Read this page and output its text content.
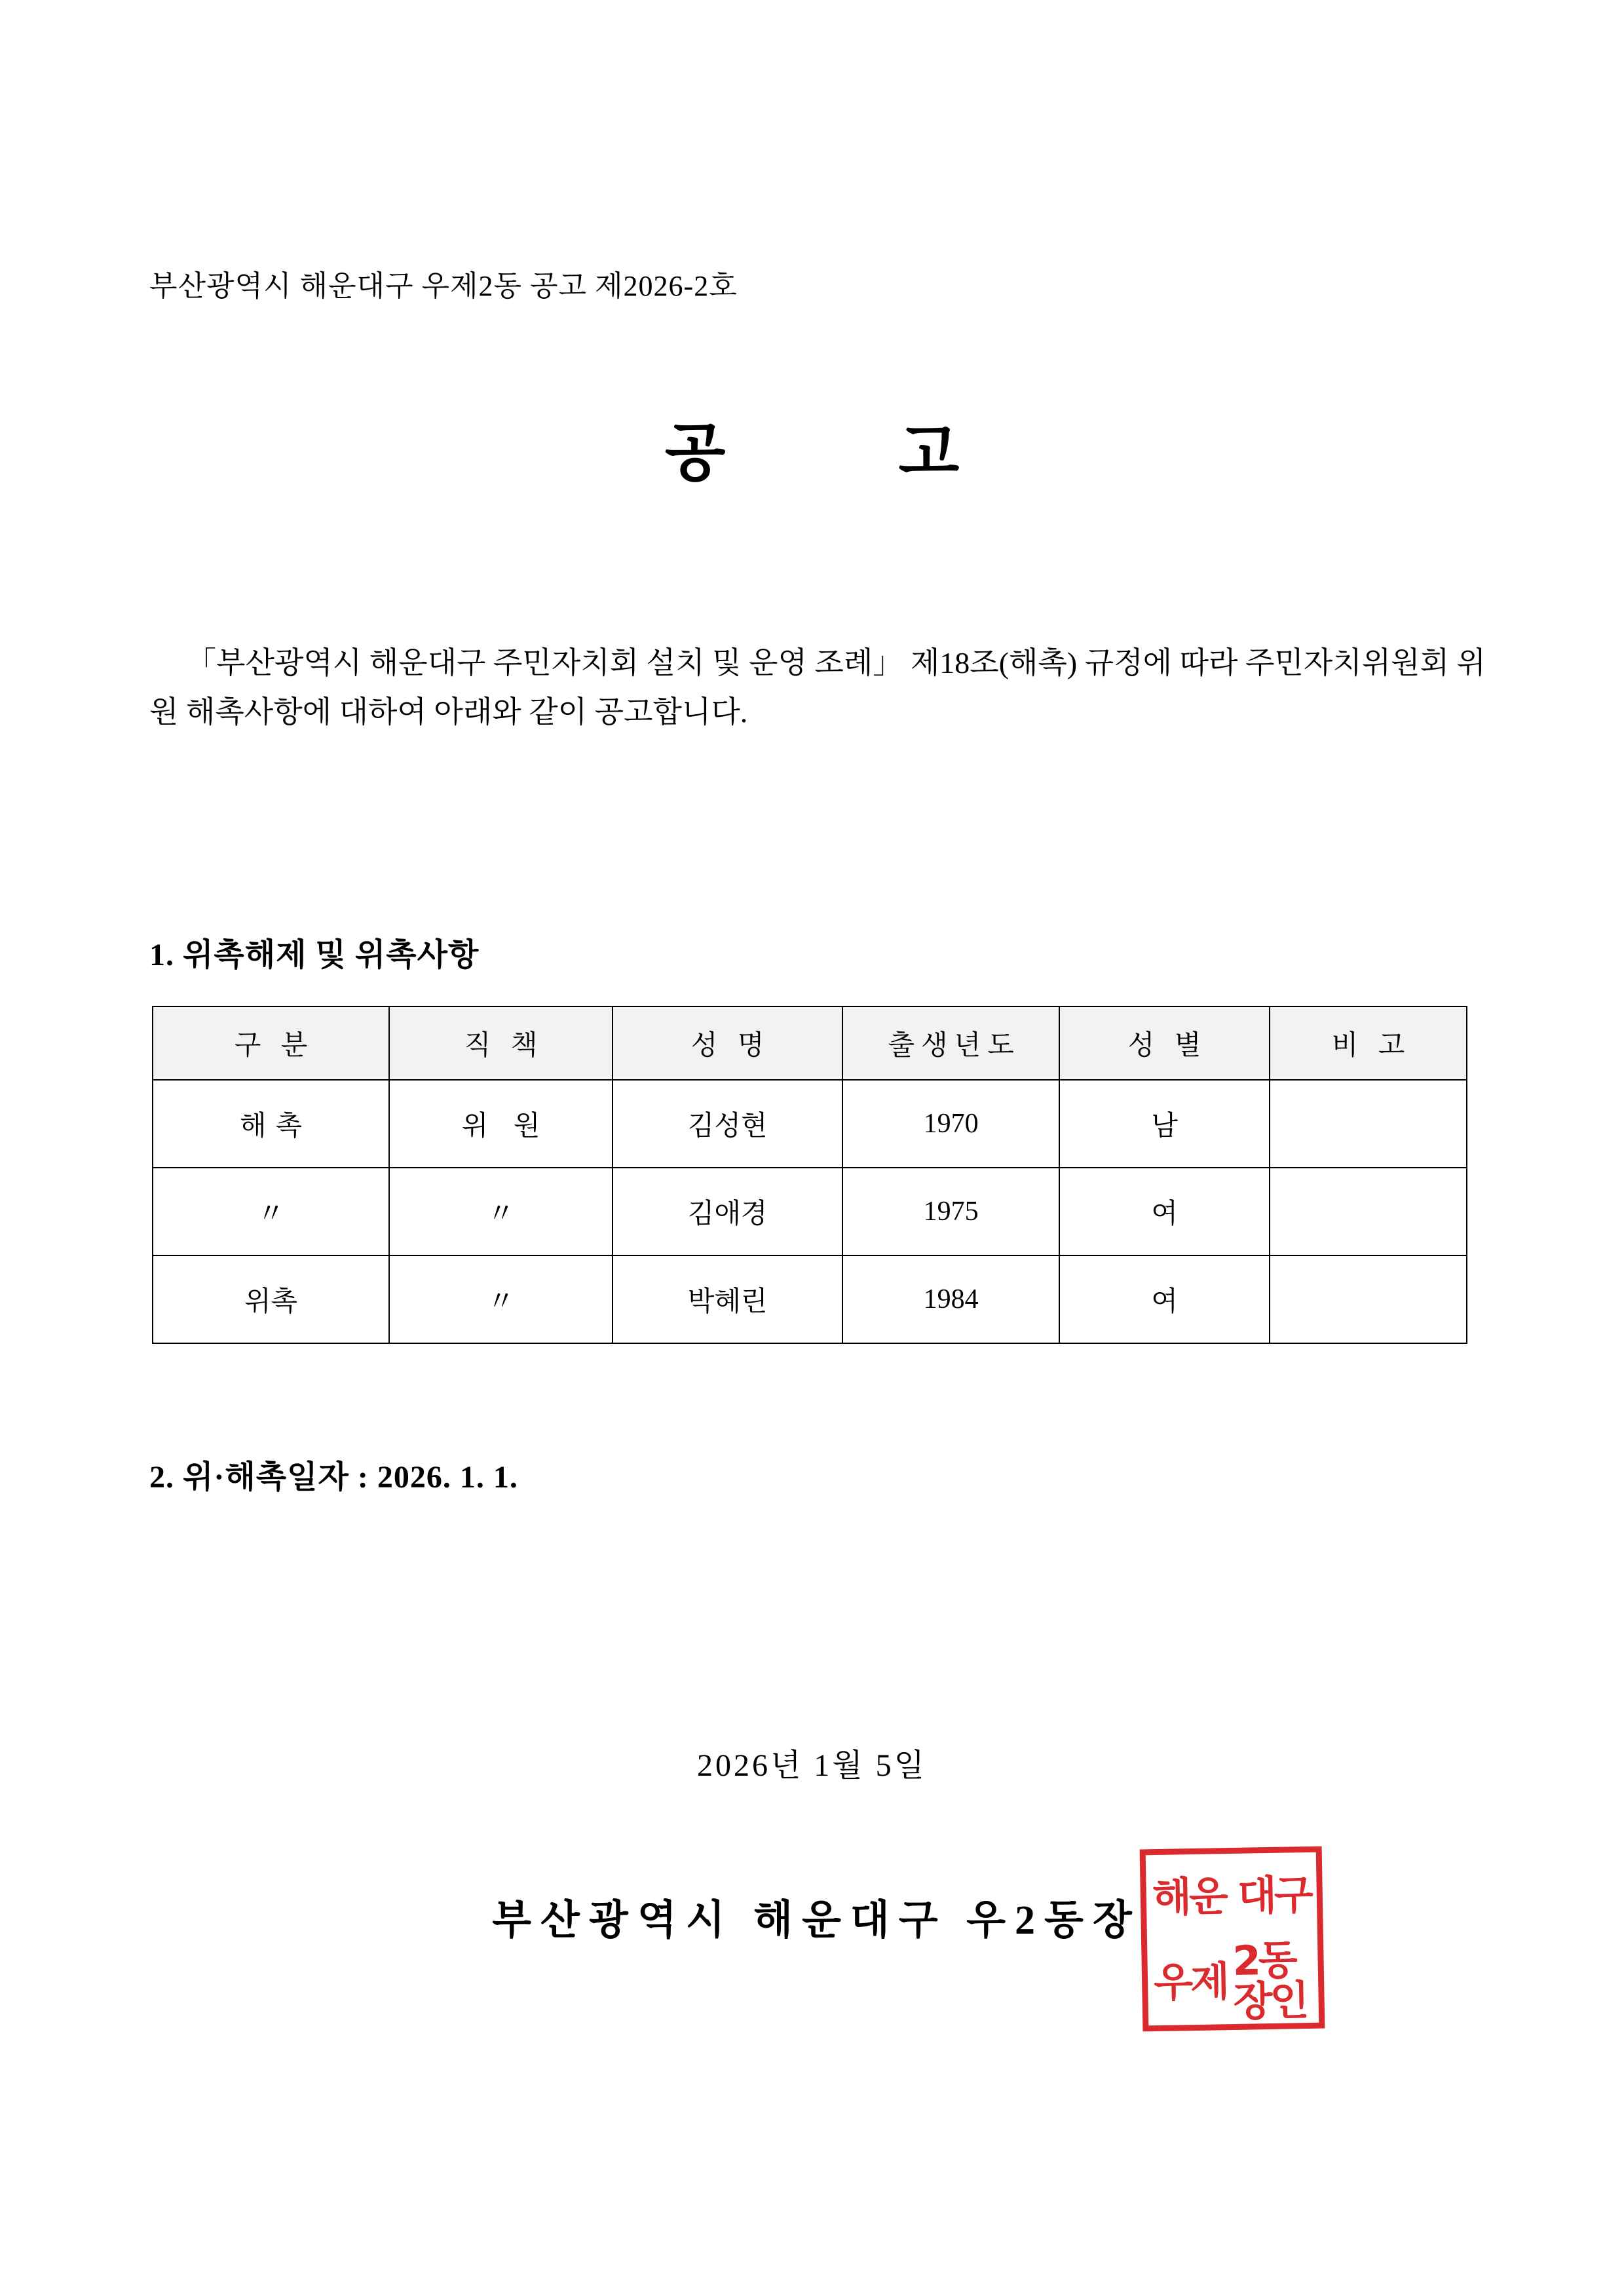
부산광역시 해운대구 우제2동 공고 제2026-2호
공 고
「부산광역시 해운대구 주민자치회 설치 및 운영 조례」 제18조(해촉) 규정에 따라 주민자치위원회 위원 해촉사항에 대하여 아래와 같이 공고합니다.
1. 위촉해제 및 위촉사항
구 분	직 책	성 명	출생년도	성 별	비 고
해촉	위 원	김성현	1970	남	
〃	〃	김애경	1975	여	
위촉	〃	박혜린	1984	여	
2. 위·해촉일자 : 2026. 1. 1.
2026년 1월 5일
부산광역시 해운대구 우2동장 해운 대구
우제 2동장인
